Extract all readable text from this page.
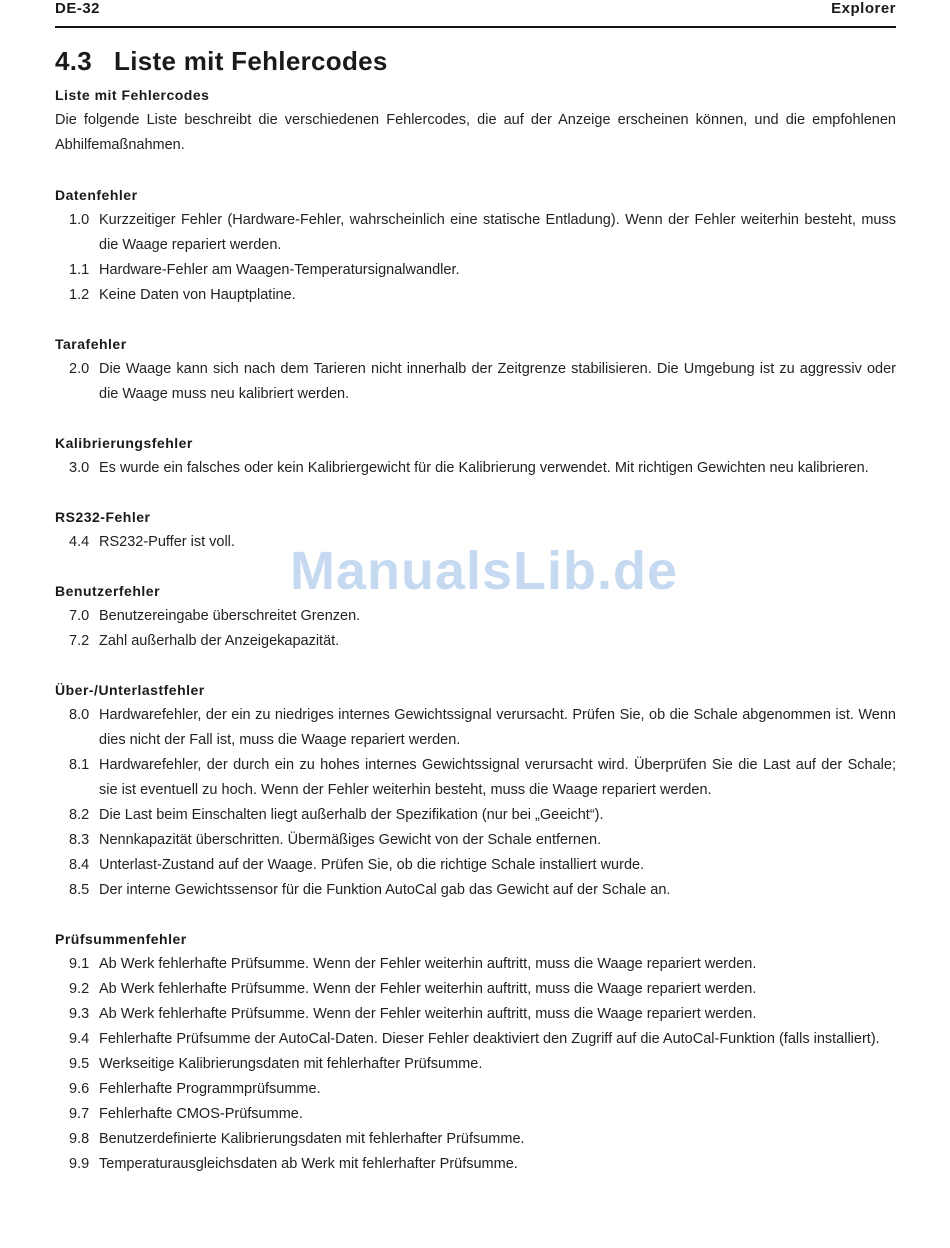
DE-32	Explorer
4.3 Liste mit Fehlercodes
Liste mit Fehlercodes

Die folgende Liste beschreibt die verschiedenen Fehlercodes, die auf der Anzeige erscheinen können, und die empfohlenen Abhilfemaßnahmen.

Datenfehler
1.0 Kurzzeitiger Fehler (Hardware-Fehler, wahrscheinlich eine statische Entladung). Wenn der Fehler weiterhin besteht, muss die Waage repariert werden.
1.1 Hardware-Fehler am Waagen-Temperatursignalwandler.
1.2 Keine Daten von Hauptplatine.
Tarafehler
2.0 Die Waage kann sich nach dem Tarieren nicht innerhalb der Zeitgrenze stabilisieren. Die Umgebung ist zu aggressiv oder die Waage muss neu kalibriert werden.
Kalibrierungsfehler
3.0 Es wurde ein falsches oder kein Kalibriergewicht für die Kalibrierung verwendet. Mit richtigen Gewichten neu kalibrieren.
RS232-Fehler
4.4 RS232-Puffer ist voll.
Benutzerfehler
7.0 Benutzereingabe überschreitet Grenzen.
7.2 Zahl außerhalb der Anzeigekapazität.
Über-/Unterlastfehler
8.0 Hardwarefehler, der ein zu niedriges internes Gewichtssignal verursacht. Prüfen Sie, ob die Schale abgenommen ist. Wenn dies nicht der Fall ist, muss die Waage repariert werden.
8.1 Hardwarefehler, der durch ein zu hohes internes Gewichtssignal verursacht wird. Überprüfen Sie die Last auf der Schale; sie ist eventuell zu hoch. Wenn der Fehler weiterhin besteht, muss die Waage repariert werden.
8.2 Die Last beim Einschalten liegt außerhalb der Spezifikation (nur bei „Geeicht“).
8.3 Nennkapazität überschritten. Übermäßiges Gewicht von der Schale entfernen.
8.4 Unterlast-Zustand auf der Waage. Prüfen Sie, ob die richtige Schale installiert wurde.
8.5 Der interne Gewichtssensor für die Funktion AutoCal gab das Gewicht auf der Schale an.
Prüfsummenfehler
9.1 Ab Werk fehlerhafte Prüfsumme. Wenn der Fehler weiterhin auftritt, muss die Waage repariert werden.
9.2 Ab Werk fehlerhafte Prüfsumme. Wenn der Fehler weiterhin auftritt, muss die Waage repariert werden.
9.3 Ab Werk fehlerhafte Prüfsumme. Wenn der Fehler weiterhin auftritt, muss die Waage repariert werden.
9.4 Fehlerhafte Prüfsumme der AutoCal-Daten. Dieser Fehler deaktiviert den Zugriff auf die AutoCal-Funktion (falls installiert).
9.5 Werkseitige Kalibrierungsdaten mit fehlerhafter Prüfsumme.
9.6 Fehlerhafte Programmprüfsumme.
9.7 Fehlerhafte CMOS-Prüfsumme.
9.8 Benutzerdefinierte Kalibrierungsdaten mit fehlerhafter Prüfsumme.
9.9 Temperaturausgleichsdaten ab Werk mit fehlerhafter Prüfsumme.
ManualsLib.de
